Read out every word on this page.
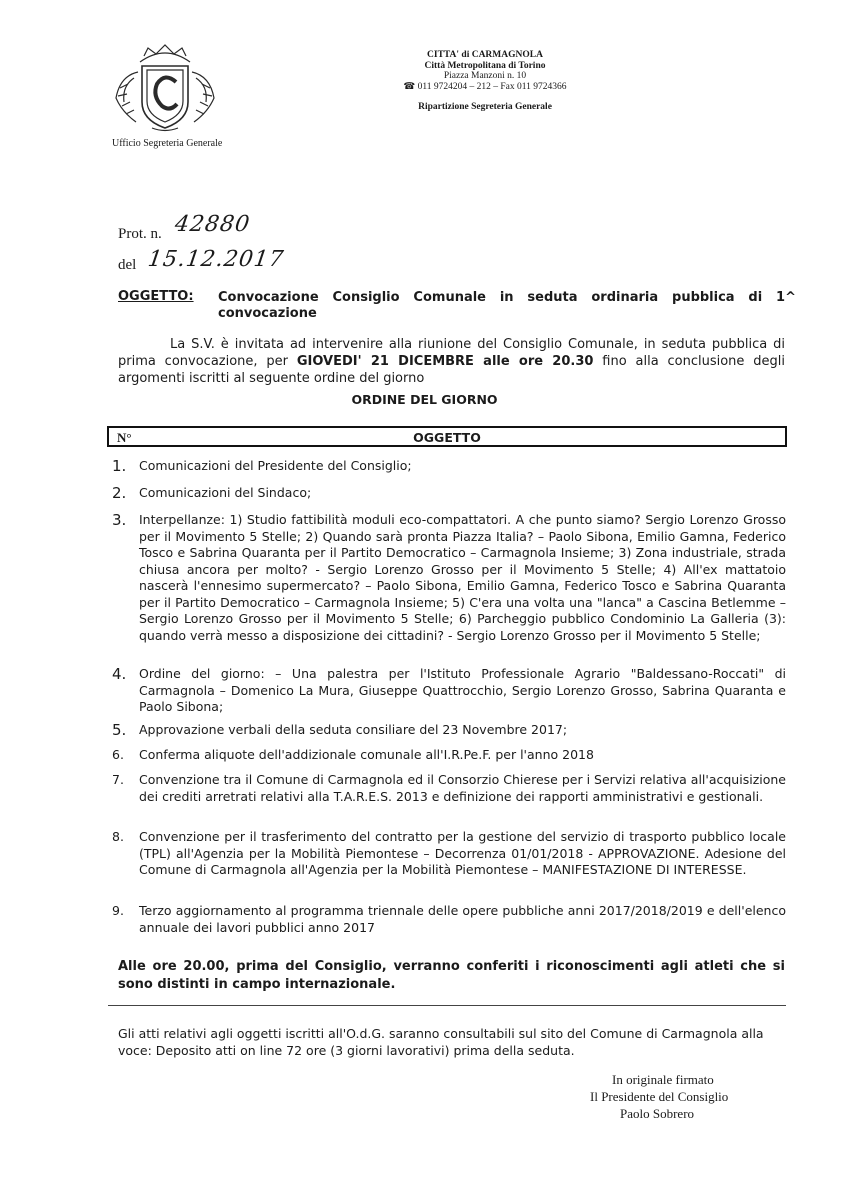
Ufficio Segreteria Generale
CITTA' di CARMAGNOLA
Città Metropolitana di Torino
Piazza Manzoni n. 10
☎ 011 9724204 – 212 – Fax 011 9724366
Ripartizione Segreteria Generale
Prot. n. 42880
del 15.12.2017
OGGETTO: Convocazione Consiglio Comunale in seduta ordinaria pubblica di 1^
convocazione
La S.V. è invitata ad intervenire alla riunione del Consiglio Comunale, in seduta pubblica di prima convocazione, per GIOVEDI' 21 DICEMBRE alle ore 20.30 fino alla conclusione degli argomenti iscritti al seguente ordine del giorno
ORDINE DEL GIORNO
N°	OGGETTO
1.	Comunicazioni del Presidente del Consiglio;
2.	Comunicazioni del Sindaco;
3.	Interpellanze: 1) Studio fattibilità moduli eco-compattatori. A che punto siamo? Sergio Lorenzo Grosso per il Movimento 5 Stelle; 2) Quando sarà pronta Piazza Italia? – Paolo Sibona, Emilio Gamna, Federico Tosco e Sabrina Quaranta per il Partito Democratico – Carmagnola Insieme; 3) Zona industriale, strada chiusa ancora per molto? - Sergio Lorenzo Grosso per il Movimento 5 Stelle; 4) All'ex mattatoio nascerà l'ennesimo supermercato? – Paolo Sibona, Emilio Gamna, Federico Tosco e Sabrina Quaranta per il Partito Democratico – Carmagnola Insieme; 5) C'era una volta una "lanca" a Cascina Betlemme – Sergio Lorenzo Grosso per il Movimento 5 Stelle; 6) Parcheggio pubblico Condominio La Galleria (3): quando verrà messo a disposizione dei cittadini? - Sergio Lorenzo Grosso per il Movimento 5 Stelle;
4.	Ordine del giorno: – Una palestra per l'Istituto Professionale Agrario "Baldessano-Roccati" di Carmagnola – Domenico La Mura, Giuseppe Quattrocchio, Sergio Lorenzo Grosso, Sabrina Quaranta e Paolo Sibona;
5.	Approvazione verbali della seduta consiliare del 23 Novembre 2017;
6.	Conferma aliquote dell'addizionale comunale all'I.R.Pe.F. per l'anno 2018
7.	Convenzione tra il Comune di Carmagnola ed il Consorzio Chierese per i Servizi relativa all'acquisizione dei crediti arretrati relativi alla T.A.R.E.S. 2013 e definizione dei rapporti amministrativi e gestionali.
8.	Convenzione per il trasferimento del contratto per la gestione del servizio di trasporto pubblico locale (TPL) all'Agenzia per la Mobilità Piemontese – Decorrenza 01/01/2018 - APPROVAZIONE. Adesione del Comune di Carmagnola all'Agenzia per la Mobilità Piemontese – MANIFESTAZIONE DI INTERESSE.
9.	Terzo aggiornamento al programma triennale delle opere pubbliche anni 2017/2018/2019 e dell'elenco annuale dei lavori pubblici anno 2017
Alle ore 20.00, prima del Consiglio, verranno conferiti i riconoscimenti agli atleti che si sono distinti in campo internazionale.
Gli atti relativi agli oggetti iscritti all'O.d.G. saranno consultabili sul sito del Comune di Carmagnola alla voce: Deposito atti on line 72 ore (3 giorni lavorativi) prima della seduta.
In originale firmato
Il Presidente del Consiglio
Paolo Sobrero
